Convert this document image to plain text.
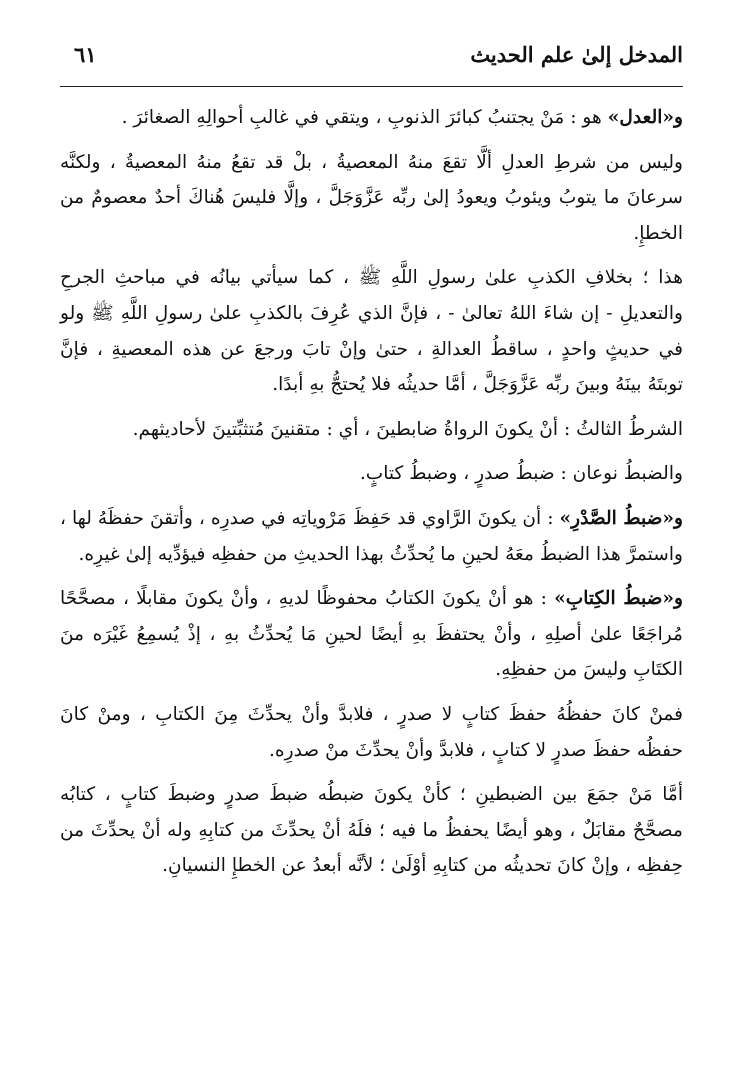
المدخل إلىٰ علم الحديث
٦١

و«العدل» هو : مَنْ يجتنبُ كبائرَ الذنوبِ ، ويتقي في غالبِ أحوالِهِ الصغائرَ .

وليس من شرطِ العدلِ ألَّا تقعَ منهُ المعصيةُ ، بلْ قد تقعُ منهُ المعصيةُ ، ولكنَّه سرعانَ ما يتوبُ ويئوبُ ويعودُ إلىٰ ربِّه عَزَّوَجَلَّ ، وإلَّا فليسَ هُناكَ أحدٌ معصومٌ من الخطإِ.

هذا ؛ بخلافِ الكذبِ علىٰ رسولِ اللَّهِ ﷺ ، كما سيأتي بيانُه في مباحثِ الجرحِ والتعديلِ - إن شاءَ اللهُ تعالىٰ - ، فإنَّ الذي عُرِفَ بالكذبِ علىٰ رسولِ اللَّهِ ﷺ ولو في حديثٍ واحدٍ ، ساقطُ العدالةِ ، حتىٰ وإنْ تابَ ورجعَ عن هذه المعصيةِ ، فإنَّ توبتَهُ بينَهُ وبينَ ربِّه عَزَّوَجَلَّ ، أمَّا حديثُه فلا يُحتجُّ بهِ أبدًا.

الشرطُ الثالثُ : أنْ يكونَ الرواةُ ضابطينَ ، أي : متقنينَ مُتثبِّتينَ لأحاديثهم.

والضبطُ نوعان : ضبطُ صدرٍ ، وضبطُ كتابٍ.

و«ضبطُ الصَّدْرِ» : أن يكونَ الرَّاوي قد حَفِظَ مَرْوياتِه في صدرِه ، وأتقنَ حفظَهُ لها ، واستمرَّ هذا الضبطُ معَهُ لحينِ ما يُحدِّثُ بهذا الحديثِ من حفظِه فيؤدِّيه إلىٰ غيرِه.

و«ضبطُ الكِتابِ» : هو أنْ يكونَ الكتابُ محفوظًا لديهِ ، وأنْ يكونَ مقابلًا ، مصحَّحًا مُراجَعًا علىٰ أصلِهِ ، وأنْ يحتفظَ بهِ أيضًا لحينِ مَا يُحدِّثُ بهِ ، إذْ يُسمِعُ غَيْرَه منَ الكتَابِ وليسَ من حفظِهِ.

فمنْ كانَ حفظُهُ حفظَ كتابٍ لا صدرٍ ، فلابدَّ وأنْ يحدِّثَ مِنَ الكتابِ ، ومنْ كانَ حفظُه حفظَ صدرٍ لا كتابٍ ، فلابدَّ وأنْ يحدِّثَ منْ صدرِه.

أمَّا مَنْ جمَعَ بين الضبطينِ ؛ كأنْ يكونَ ضبطُه ضبطَ صدرٍ وضبطَ كتابٍ ، كتابُه مصحَّحٌ مقابَلٌ ، وهو أيضًا يحفظُ ما فيه ؛ فلَهُ أنْ يحدِّثَ من كتابِهِ وله أنْ يحدِّثَ من حِفظِه ، وإنْ كانَ تحديثُه من كتابِهِ أوْلَىٰ ؛ لأنَّه أبعدُ عن الخطإِ النسيانِ.
